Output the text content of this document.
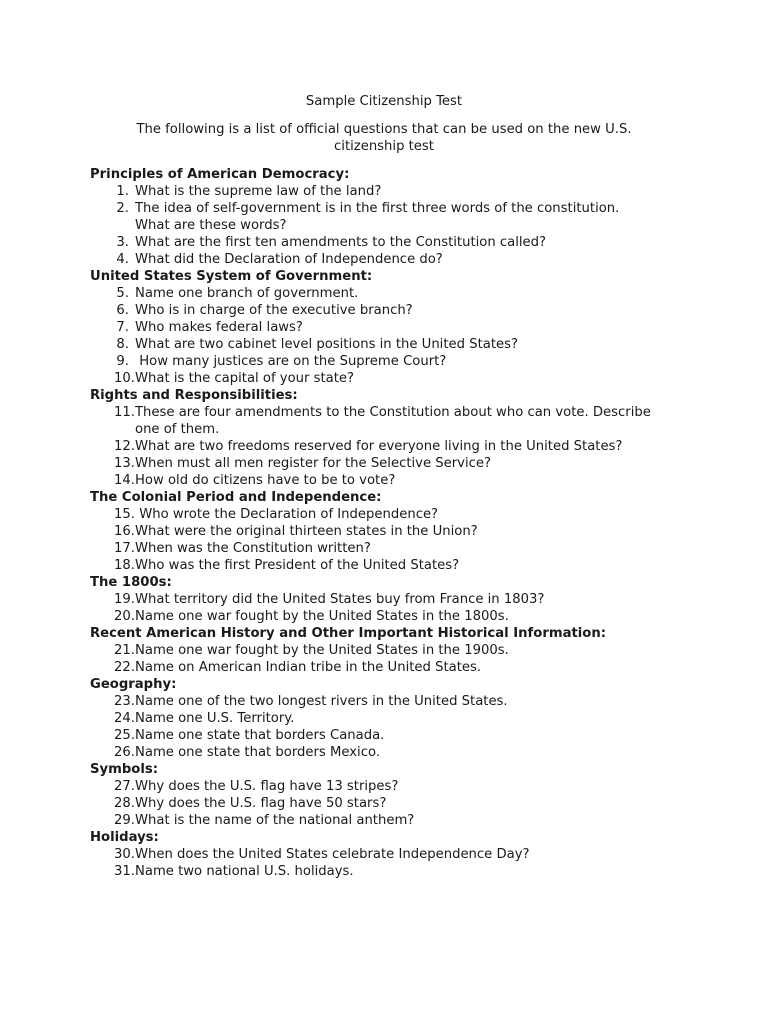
Sample Citizenship Test
The following is a list of official questions that can be used on the new U.S. citizenship test
Principles of American Democracy:
1. What is the supreme law of the land?
2. The idea of self-government is in the first three words of the constitution. What are these words?
3. What are the first ten amendments to the Constitution called?
4. What did the Declaration of Independence do?
United States System of Government:
5. Name one branch of government.
6. Who is in charge of the executive branch?
7. Who makes federal laws?
8. What are two cabinet level positions in the United States?
9. How many justices are on the Supreme Court?
10. What is the capital of your state?
Rights and Responsibilities:
11. These are four amendments to the Constitution about who can vote. Describe one of them.
12. What are two freedoms reserved for everyone living in the United States?
13. When must all men register for the Selective Service?
14. How old do citizens have to be to vote?
The Colonial Period and Independence:
15. Who wrote the Declaration of Independence?
16. What were the original thirteen states in the Union?
17. When was the Constitution written?
18. Who was the first President of the United States?
The 1800s:
19. What territory did the United States buy from France in 1803?
20. Name one war fought by the United States in the 1800s.
Recent American History and Other Important Historical Information:
21. Name one war fought by the United States in the 1900s.
22. Name on American Indian tribe in the United States.
Geography:
23. Name one of the two longest rivers in the United States.
24. Name one U.S. Territory.
25. Name one state that borders Canada.
26. Name one state that borders Mexico.
Symbols:
27. Why does the U.S. flag have 13 stripes?
28. Why does the U.S. flag have 50 stars?
29. What is the name of the national anthem?
Holidays:
30. When does the United States celebrate Independence Day?
31. Name two national U.S. holidays.
